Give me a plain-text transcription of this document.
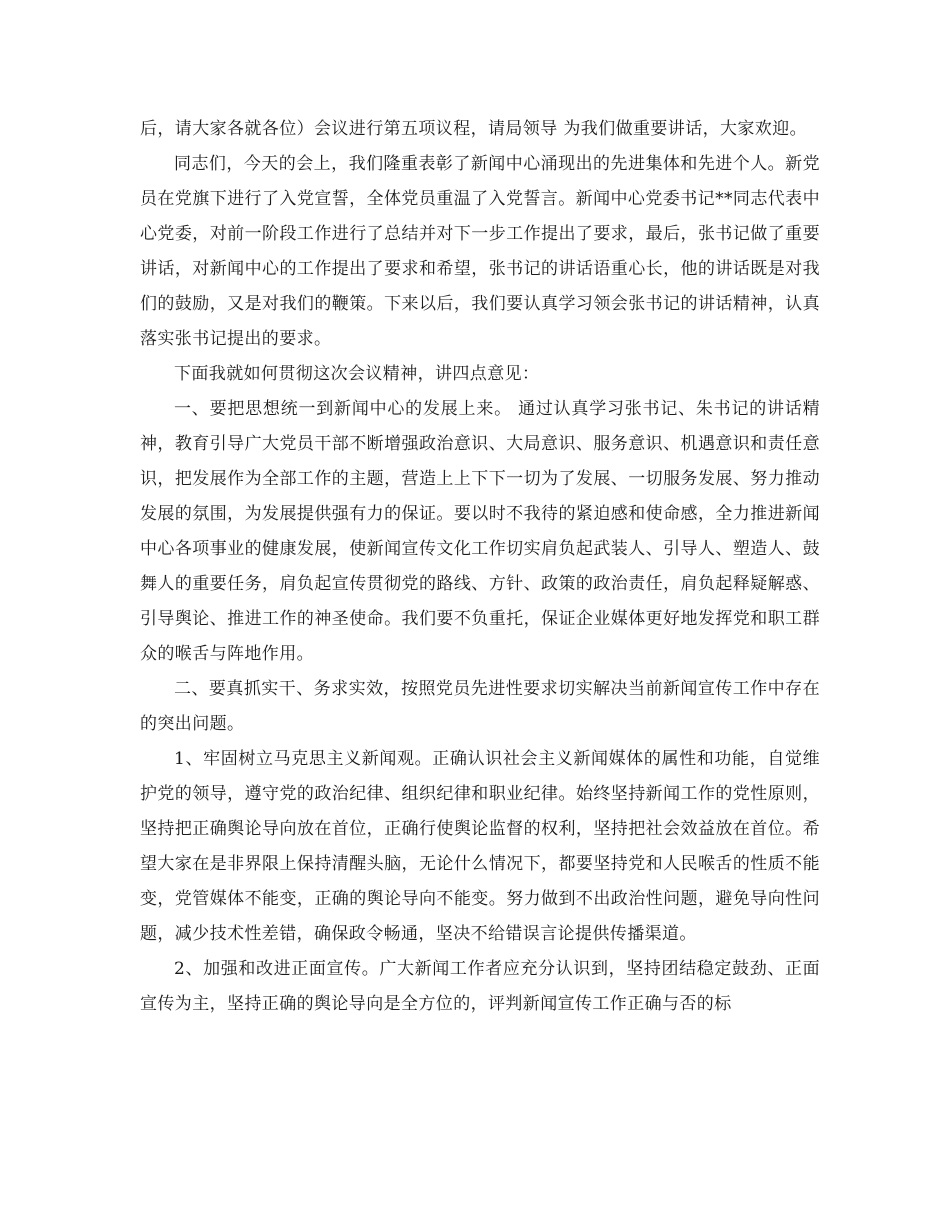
后，请大家各就各位）会议进行第五项议程，请局领导 为我们做重要讲话，大家欢迎。

同志们，今天的会上，我们隆重表彰了新闻中心涌现出的先进集体和先进个人。新党员在党旗下进行了入党宣誓，全体党员重温了入党誓言。新闻中心党委书记**同志代表中心党委，对前一阶段工作进行了总结并对下一步工作提出了要求，最后，张书记做了重要讲话，对新闻中心的工作提出了要求和希望，张书记的讲话语重心长，他的讲话既是对我们的鼓励，又是对我们的鞭策。下来以后，我们要认真学习领会张书记的讲话精神，认真落实张书记提出的要求。

下面我就如何贯彻这次会议精神，讲四点意见：

一、要把思想统一到新闻中心的发展上来。 通过认真学习张书记、朱书记的讲话精神，教育引导广大党员干部不断增强政治意识、大局意识、服务意识、机遇意识和责任意识，把发展作为全部工作的主题，营造上上下下一切为了发展、一切服务发展、努力推动发展的氛围，为发展提供强有力的保证。要以时不我待的紧迫感和使命感，全力推进新闻中心各项事业的健康发展，使新闻宣传文化工作切实肩负起武装人、引导人、塑造人、鼓舞人的重要任务，肩负起宣传贯彻党的路线、方针、政策的政治责任，肩负起释疑解惑、引导舆论、推进工作的神圣使命。我们要不负重托，保证企业媒体更好地发挥党和职工群众的喉舌与阵地作用。

二、要真抓实干、务求实效，按照党员先进性要求切实解决当前新闻宣传工作中存在的突出问题。

1、牢固树立马克思主义新闻观。正确认识社会主义新闻媒体的属性和功能，自觉维护党的领导，遵守党的政治纪律、组织纪律和职业纪律。始终坚持新闻工作的党性原则，坚持把正确舆论导向放在首位，正确行使舆论监督的权利，坚持把社会效益放在首位。希望大家在是非界限上保持清醒头脑，无论什么情况下，都要坚持党和人民喉舌的性质不能变，党管媒体不能变，正确的舆论导向不能变。努力做到不出政治性问题，避免导向性问题，减少技术性差错，确保政令畅通，坚决不给错误言论提供传播渠道。

2、加强和改进正面宣传。广大新闻工作者应充分认识到，坚持团结稳定鼓劲、正面宣传为主，坚持正确的舆论导向是全方位的，评判新闻宣传工作正确与否的标
